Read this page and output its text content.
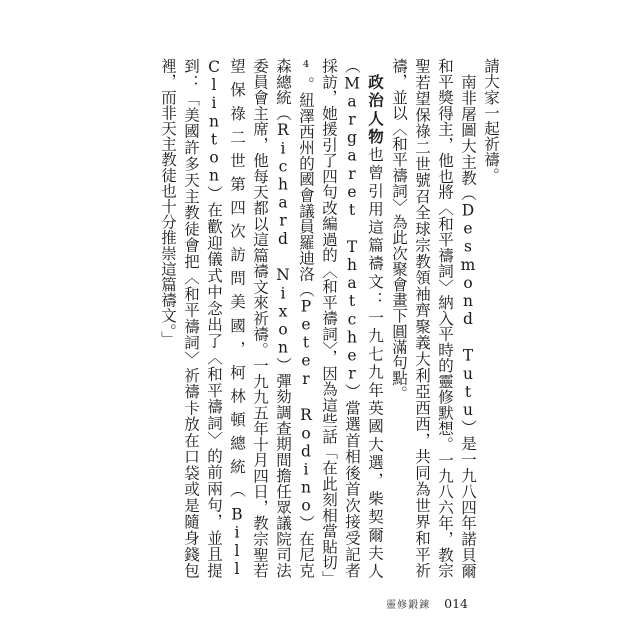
請大家一起祈禱。

南非屠圖大主教（Desmond Tutu）是一九八四年諾貝爾和平獎得主，他也將〈和平禱詞〉納入平時的靈修默想。一九八六年，教宗聖若望保祿二世號召全球宗教領袖齊聚義大利亞西西，共同為世界和平祈禱，並以〈和平禱詞〉為此次聚會畫下圓滿句點。

政治人物也曾引用這篇禱文：一九七九年英國大選，柴契爾夫人（Margaret Thatcher）當選首相後首次接受記者採訪，她援引了四句改編過的〈和平禱詞〉，因為這些話「在此刻相當貼切」⁴。紐澤西州的國會議員羅迪洛（Peter Rodino）在尼克森總統（Richard Nixon）彈劾調查期間擔任眾議院司法委員會主席，他每天都以這篇禱文來祈禱。一九九五年十月四日，教宗聖若望保祿二世第四次訪問美國，柯林頓總統（Bill Clinton）在歡迎儀式中念出了〈和平禱詞〉的前兩句，並且提到：「美國許多天主教徒會把〈和平禱詞〉祈禱卡放在口袋或是隨身錢包裡，而非天主教徒也十分推崇這篇禱文。」

靈修鍛鍊 014
